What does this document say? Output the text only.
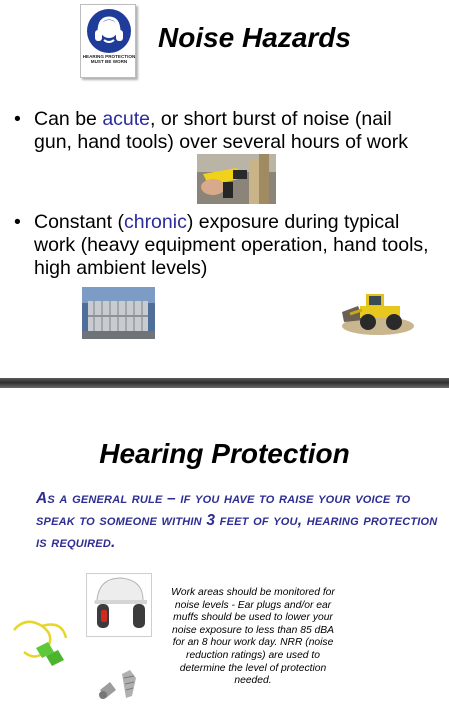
HEARING PROTECTION MUST BE WORN
Noise Hazards
• Can be acute, or short burst of noise (nail gun, hand tools) over several hours of work
• Constant (chronic) exposure during typical work (heavy equipment operation, hand tools, high ambient levels)
Hearing Protection
As a general rule – if you have to raise your voice to speak to someone within 3 feet of you, hearing protection is required.
Work areas should be monitored for noise levels - Ear plugs and/or ear muffs should be used to lower your noise exposure to less than 85 dBA for an 8 hour work day. NRR (noise reduction ratings) are used to determine the level of protection needed.
